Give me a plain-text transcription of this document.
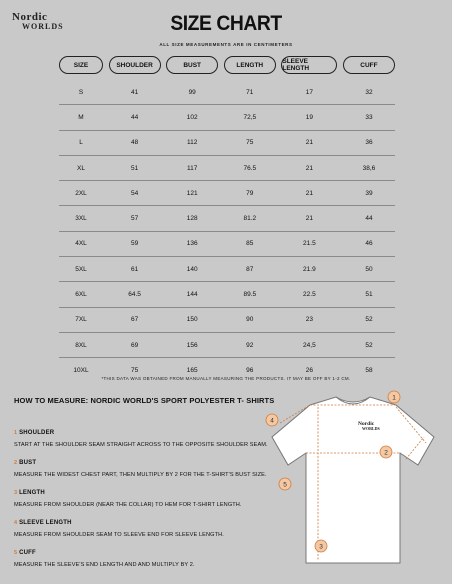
Nordic
WORLDS	SIZE CHART
ALL SIZE MEASUREMENTS ARE IN CENTIMETERS
SIZE	SHOULDER	BUST	LENGTH	SLEEVE LENGTH	CUFF
S	41	99	71	17	32
M	44	102	72,5	19	33
L	48	112	75	21	36
XL	51	117	76.5	21	38,6
2XL	54	121	79	21	39
3XL	57	128	81.2	21	44
4XL	59	136	85	21.5	46
5XL	61	140	87	21.9	50
6XL	64.5	144	89.5	22.5	51
7XL	67	150	90	23	52
8XL	69	156	92	24,5	52
10XL	75	165	96	26	58
*THIS DATA WAS OBTAINED FROM MANUALLY MEASURING THE PRODUCTS. IT MAY BE OFF BY 1-2 CM.
HOW TO MEASURE: NORDIC WORLD'S SPORT POLYESTER T- SHIRTS
1 SHOULDER
START AT THE SHOULDER SEAM STRAIGHT ACROSS TO THE OPPOSITE SHOULDER SEAM.
2 BUST
MEASURE THE WIDEST CHEST PART, THEN MULTIPLY BY 2 FOR THE T-SHIRT'S BUST SIZE.
3 LENGTH
MEASURE FROM SHOULDER (NEAR THE COLLAR) TO HEM FOR T-SHIRT LENGTH.
4 SLEEVE LENGTH
MEASURE FROM SHOULDER SEAM TO SLEEVE END FOR SLEEVE LENGTH.
5 CUFF
MEASURE THE SLEEVE'S END LENGTH AND AND MULTIPLY BY 2.
Nordic
WORLDS
1
2
3
4
5
